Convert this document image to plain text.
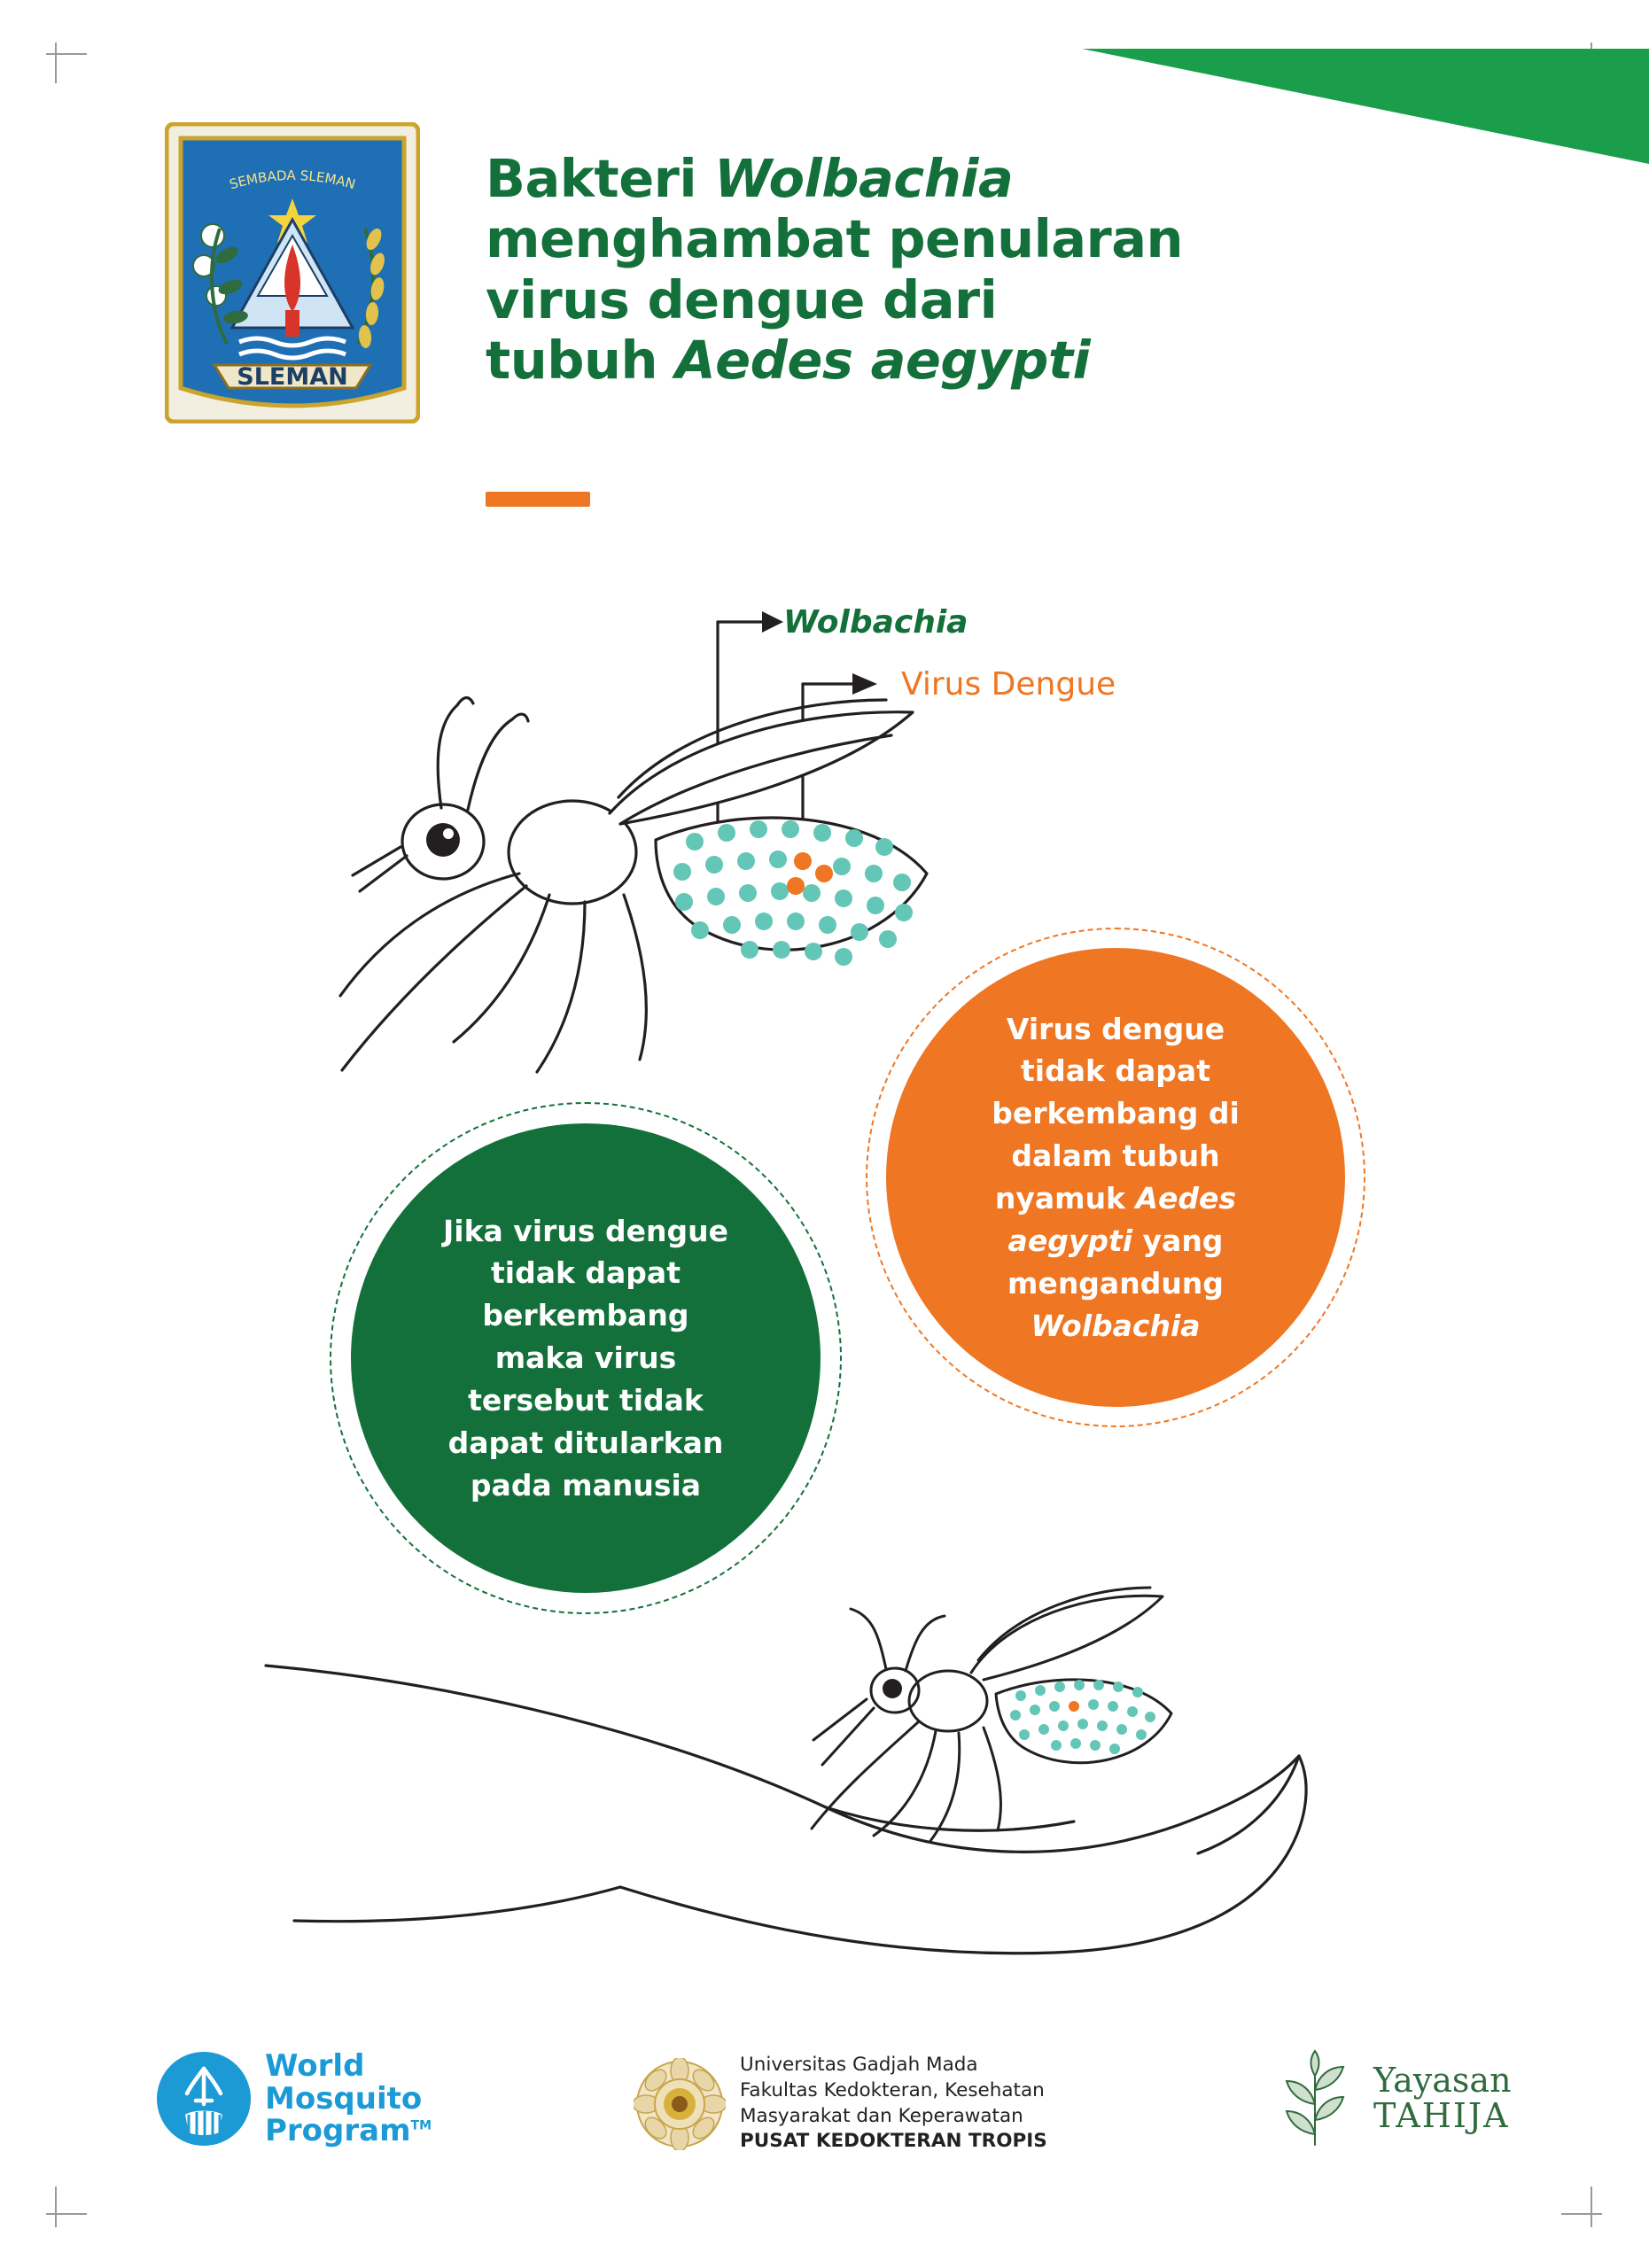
SEMBADA SLEMAN
SLEMAN
Bakteri Wolbachia
menghambat penularan
virus dengue dari
tubuh Aedes aegypti
Wolbachia
Virus Dengue
Virus dengue
tidak dapat
berkembang di
dalam tubuh
nyamuk Aedes
aegypti yang
mengandung
Wolbachia
Jika virus dengue
tidak dapat
berkembang
maka virus
tersebut tidak
dapat ditularkan
pada manusia
World
Mosquito
Program™
Universitas Gadjah Mada
Fakultas Kedokteran, Kesehatan
Masyarakat dan Keperawatan
PUSAT KEDOKTERAN TROPIS
Yayasan
TAHIJA
